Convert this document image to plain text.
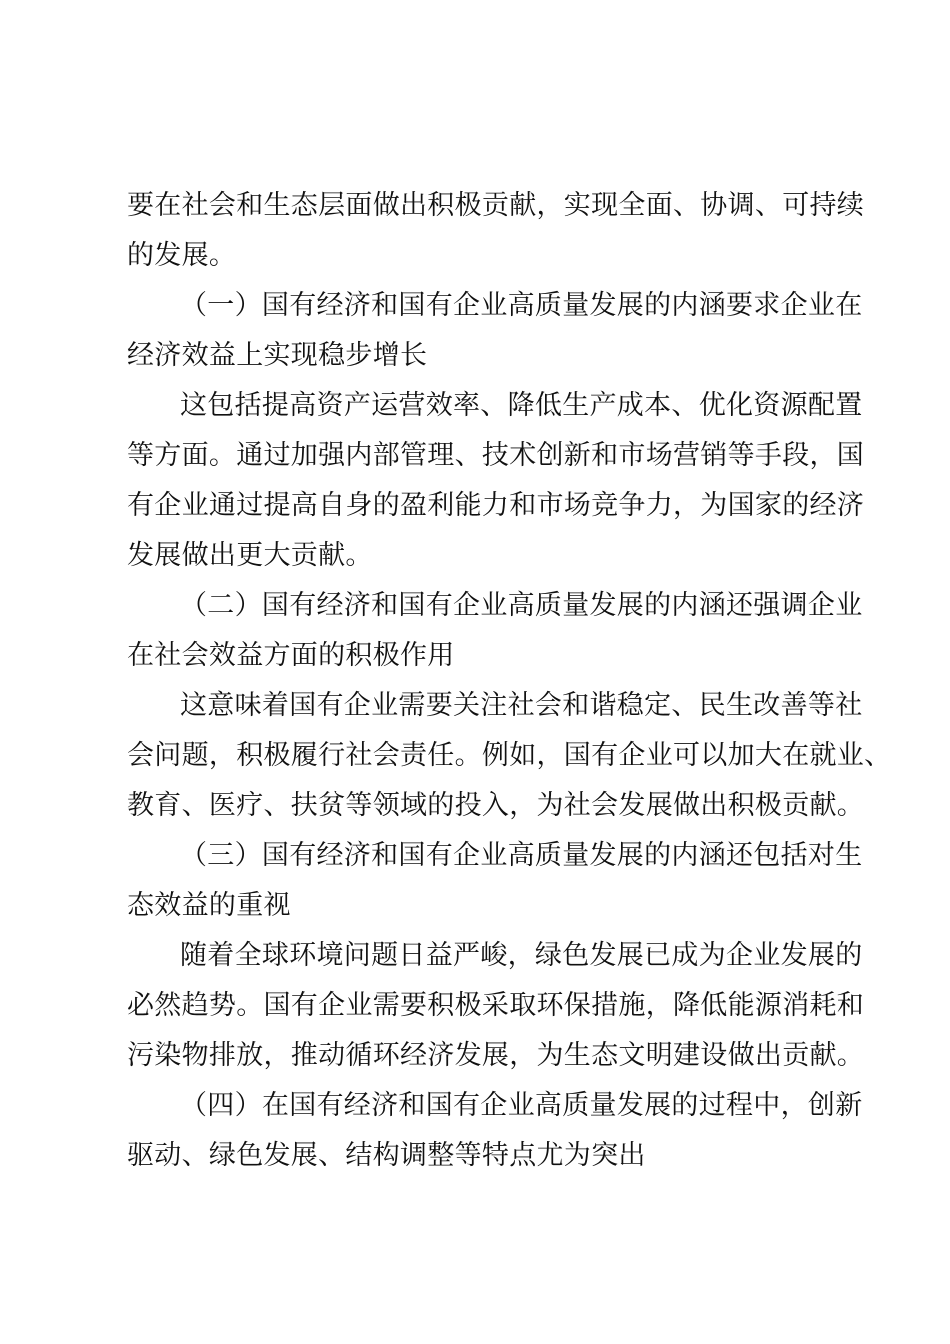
要在社会和生态层面做出积极贡献，实现全面、协调、可持续
的发展。
（一）国有经济和国有企业高质量发展的内涵要求企业在
经济效益上实现稳步增长
这包括提高资产运营效率、降低生产成本、优化资源配置
等方面。通过加强内部管理、技术创新和市场营销等手段，国
有企业通过提高自身的盈利能力和市场竞争力，为国家的经济
发展做出更大贡献。
（二）国有经济和国有企业高质量发展的内涵还强调企业
在社会效益方面的积极作用
这意味着国有企业需要关注社会和谐稳定、民生改善等社
会问题，积极履行社会责任。例如，国有企业可以加大在就业、
教育、医疗、扶贫等领域的投入，为社会发展做出积极贡献。
（三）国有经济和国有企业高质量发展的内涵还包括对生
态效益的重视
随着全球环境问题日益严峻，绿色发展已成为企业发展的
必然趋势。国有企业需要积极采取环保措施，降低能源消耗和
污染物排放，推动循环经济发展，为生态文明建设做出贡献。
（四）在国有经济和国有企业高质量发展的过程中，创新
驱动、绿色发展、结构调整等特点尤为突出
